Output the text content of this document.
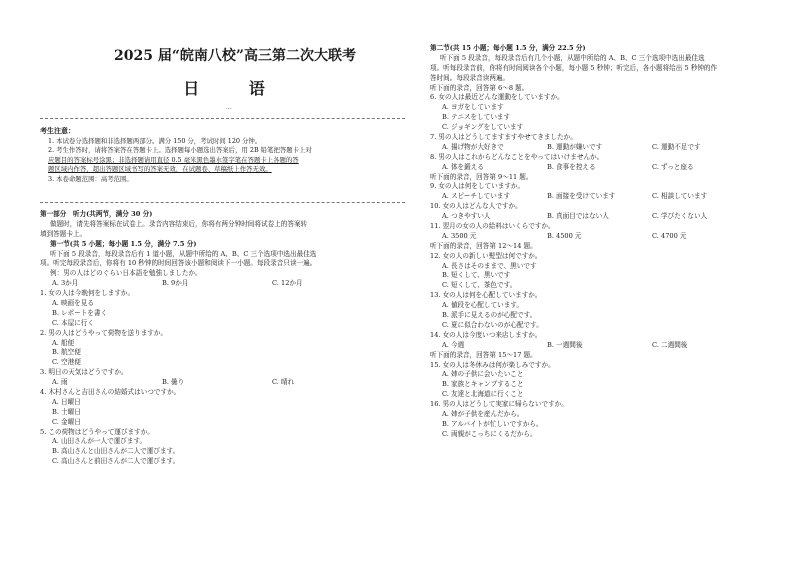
2025 届“皖南八校”高三第二次大联考
日 语
...
考生注意：
1. 本试卷分选择题和非选择题两部分。满分 150 分，考试时间 120 分钟。
2. 考生作答时，请将答案答在答题卡上。选择题每小题选出答案后，用 2B 铅笔把答题卡上对
应题目的答案标号涂黑；非选择题请用直径 0.5 毫米黑色墨水签字笔在答题卡上各题的答
题区域内作答，超出答题区域书写的答案无效，在试题卷、草稿纸上作答无效。
3. 本卷命题范围：高考范围。
第一部分　听力(共两节，满分 30 分)
做题时，请先将答案标在试卷上。录音内容结束后，你将有两分钟时间将试卷上的答案转
填到答题卡上。
第一节(共 5 小题；每小题 1.5 分，满分 7.5 分)
听下面 5 段录音，每段录音后有 1 道小题，从题中所给的 A、B、C 三个选项中选出最佳选
项。听完每段录音后，你将有 10 秒钟的时间回答该小题和阅读下一小题。每段录音只读一遍。
例：男の人はどのぐらい日本語を勉強しましたか。
A. 3か月	B. 9か月	C. 12か月
1. 女の人は今晩何をしますか。
A. 映画を見る
B. レポートを書く
C. 本屋に行く
2. 男の人はどうやって荷物を送りますか。
A. 船便
B. 航空便
C. 空港便
3. 明日の天気はどうですか。
A. 雨	B. 曇り	C. 晴れ
4. 木村さんと吉田さんの結婚式はいつですか。
A. 日曜日
B. 土曜日
C. 金曜日
5. この荷物はどうやって運びますか。
A. 山田さんが一人で運びます。
B. 高山さんと山田さんが二人で運びます。
C. 高山さんと前田さんが二人で運びます。
第二节(共 15 小题；每小题 1.5 分，满分 22.5 分)
听下面 5 段录音，每段录音后有几个小题，从题中所给的 A、B、C 三个选项中选出最佳选
项。听每段录音前，你将有时间阅读各个小题，每小题 5 秒钟；听完后，各小题将给出 5 秒钟的作
答时间。每段录音读两遍。
听下面的录音，回答第 6～8 题。
6. 女の人は最近どんな運動をしていますか。
A. ヨガをしています
B. テニスをしています
C. ジョギングをしています
7. 男の人はどうしてますますやせてきましたか。
A. 揚げ物が大好きで	B. 運動が嫌いです	C. 運動不足です
8. 男の人はこれからどんなことをやってはいけませんか。
A. 体を鍛える	B. 食事を控える	C. ずっと座る
听下面的录音，回答第 9～11 题。
9. 女の人は何をしていますか。
A. スピーチしています	B. 面接を受けています	C. 相談しています
10. 女の人はどんな人ですか。
A. つきやすい人	B. 真面目ではない人	C. 学びたくない人
11. 翌月の女の人の給料はいくらですか。
A. 3500 元	B. 4500 元	C. 4700 元
听下面的录音，回答第 12～14 题。
12. 女の人の新しい髪型は何ですか。
A. 長さはそのままで、黒いです
B. 短くして、黒いです
C. 短くして、茶色です。
13. 女の人は何を心配していますか。
A. 値段を心配しています。
B. 派手に見えるのが心配です。
C. 夏に似合わないのが心配です。
14. 女の人は今度いつ来店しますか。
A. 今週	B. 一週間後	C. 二週間後
听下面的录音，回答第 15～17 题。
15. 女の人は冬休みは何が楽しみですか。
A. 姉の子供に会いたいこと
B. 家族とキャンプすること
C. 友達と北海道に行くこと
16. 男の人はどうして実家に帰らないですか。
A. 姉が子供を産んだから。
B. アルバイトが忙しいですから。
C. 両親がこっちにくるだから。
